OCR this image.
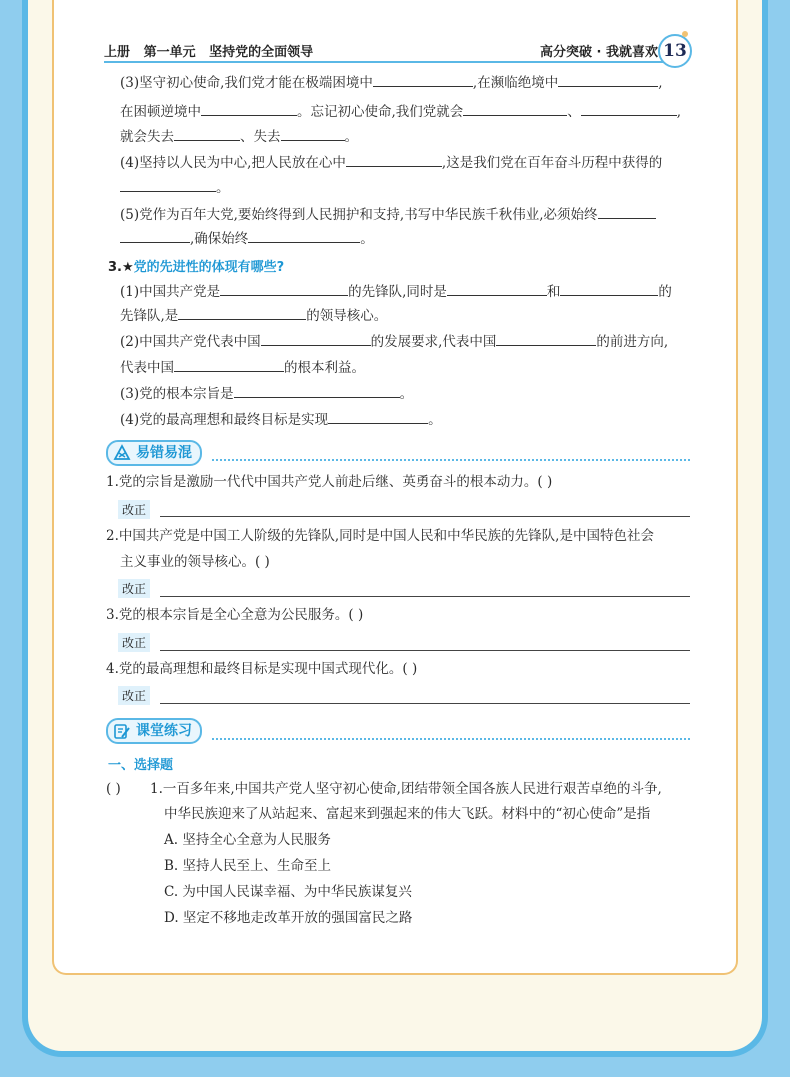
上册   第一单元   坚持党的全面领导	高分突破 · 我就喜欢 13
(3)坚守初心使命,我们党才能在极端困境中	,在濒临绝境中	,
在困顿逆境中	。忘记初心使命,我们党就会	、	,
就会失去	、失去	。
(4)坚持以人民为中心,把人民放在心中	,这是我们党在百年奋斗历程中获得的
。
(5)党作为百年大党,要始终得到人民拥护和支持,书写中华民族千秋伟业,必须始终
,确保始终	。
3.★党的先进性的体现有哪些?
(1)中国共产党是	的先锋队,同时是	和	的
先锋队,是	的领导核心。
(2)中国共产党代表中国	的发展要求,代表中国	的前进方向,
代表中国	的根本利益。
(3)党的根本宗旨是	。
(4)党的最高理想和最终目标是实现	。
易错易混
1.党的宗旨是激励一代代中国共产党人前赴后继、英勇奋斗的根本动力。( )
改正
2.中国共产党是中国工人阶级的先锋队,同时是中国人民和中华民族的先锋队,是中国特色社会
主义事业的领导核心。( )
改正
3.党的根本宗旨是全心全意为公民服务。( )
改正
4.党的最高理想和最终目标是实现中国式现代化。( )
改正
课堂练习
一、选择题
( ) 1.一百多年来,中国共产党人坚守初心使命,团结带领全国各族人民进行艰苦卓绝的斗争,
中华民族迎来了从站起来、富起来到强起来的伟大飞跃。材料中的“初心使命”是指
A. 坚持全心全意为人民服务
B. 坚持人民至上、生命至上
C. 为中国人民谋幸福、为中华民族谋复兴
D. 坚定不移地走改革开放的强国富民之路
